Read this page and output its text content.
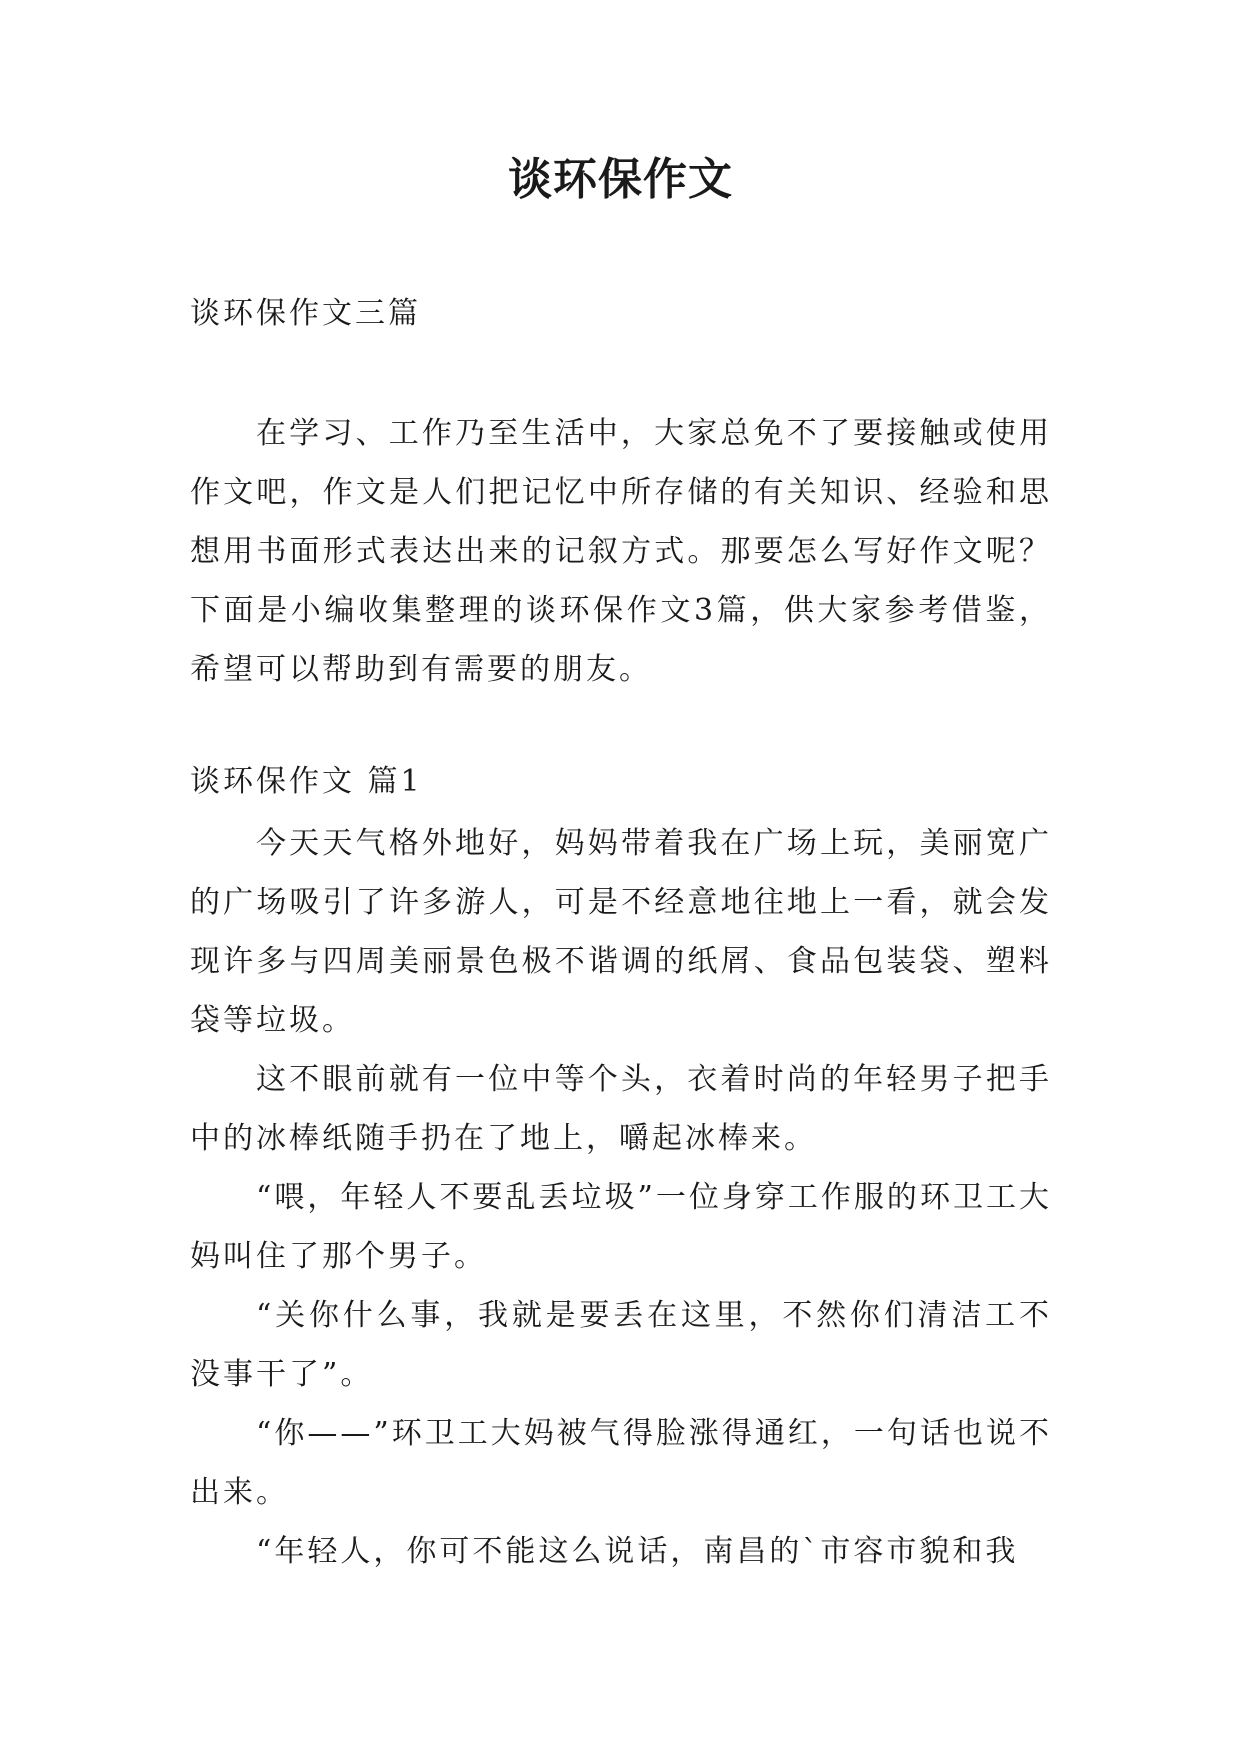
谈环保作文

谈环保作文三篇

在学习、工作乃至生活中，大家总免不了要接触或使用作文吧，作文是人们把记忆中所存储的有关知识、经验和思想用书面形式表达出来的记叙方式。那要怎么写好作文呢？下面是小编收集整理的谈环保作文3篇，供大家参考借鉴，希望可以帮助到有需要的朋友。

谈环保作文 篇1

今天天气格外地好，妈妈带着我在广场上玩，美丽宽广的广场吸引了许多游人，可是不经意地往地上一看，就会发现许多与四周美丽景色极不谐调的纸屑、食品包装袋、塑料袋等垃圾。

这不眼前就有一位中等个头，衣着时尚的年轻男子把手中的冰棒纸随手扔在了地上，嚼起冰棒来。

“喂，年轻人不要乱丢垃圾”一位身穿工作服的环卫工大妈叫住了那个男子。

“关你什么事，我就是要丢在这里，不然你们清洁工不没事干了”。

“你——”环卫工大妈被气得脸涨得通红，一句话也说不出来。

“年轻人，你可不能这么说话，南昌的`市容市貌和我
